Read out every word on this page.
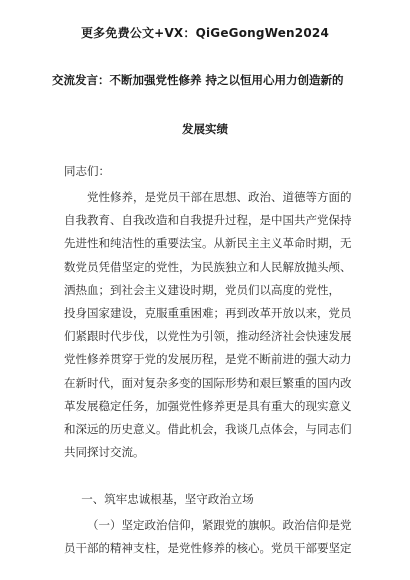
更多免费公文+VX：QiGeGongWen2024
交流发言：不断加强党性修养 持之以恒用心用力创造新的
发展实绩
同志们：
党性修养，是党员干部在思想、政治、道德等方面的
自我教育、自我改造和自我提升过程，是中国共产党保持
先进性和纯洁性的重要法宝。从新民主主义革命时期，无
数党员凭借坚定的党性，为民族独立和人民解放抛头颅、
洒热血；到社会主义建设时期，党员们以高度的党性，
投身国家建设，克服重重困难；再到改革开放以来，党员
们紧跟时代步伐，以党性为引领，推动经济社会快速发展
党性修养贯穿于党的发展历程，是党不断前进的强大动力
在新时代，面对复杂多变的国际形势和艰巨繁重的国内改
革发展稳定任务，加强党性修养更是具有重大的现实意义
和深远的历史意义。借此机会，我谈几点体会，与同志们
共同探讨交流。
一、筑牢忠诚根基，坚守政治立场
（一）坚定政治信仰，紧跟党的旗帜。政治信仰是党
员干部的精神支柱，是党性修养的核心。党员干部要坚定
